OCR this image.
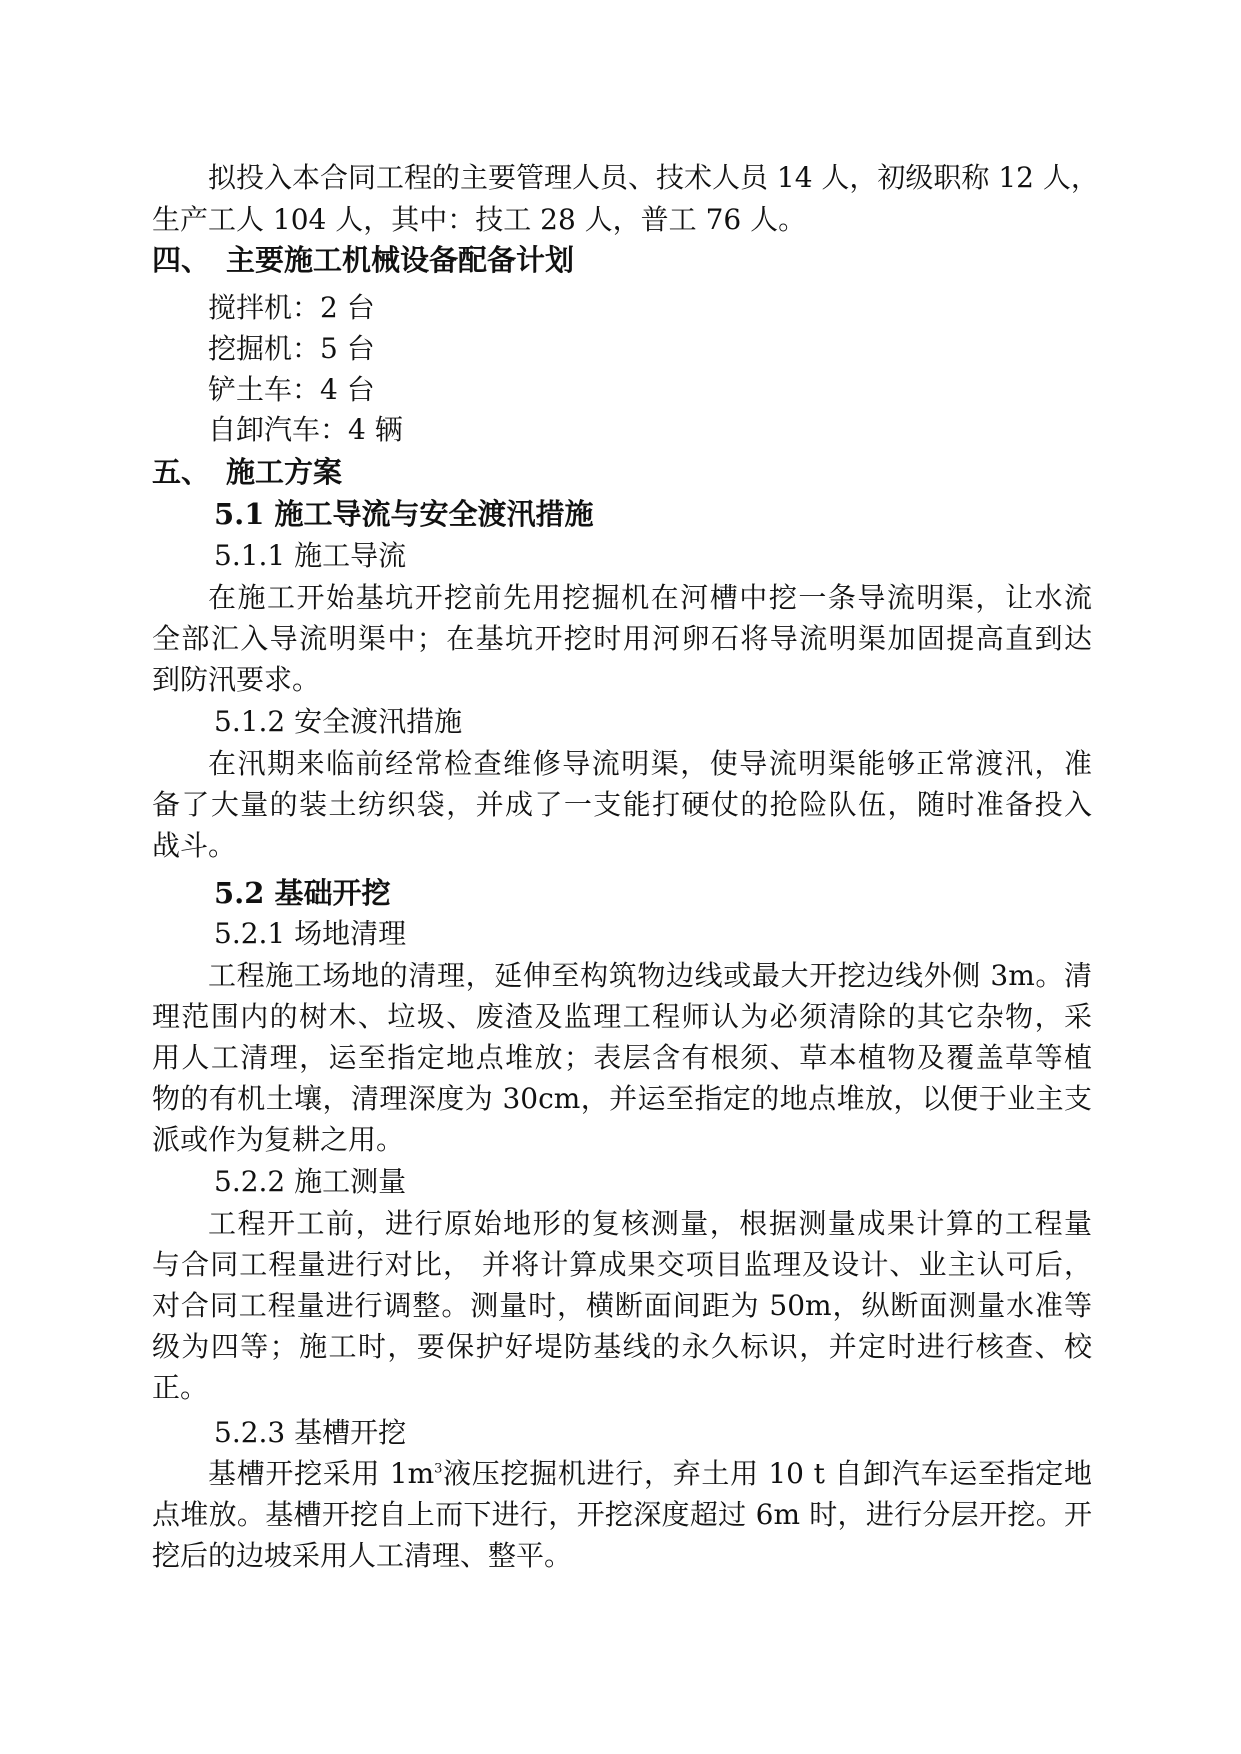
拟投入本合同工程的主要管理人员、技术人员 14 人，初级职称 12 人，
生产工人 104 人，其中：技工 28 人，普工 76 人。
四、 主要施工机械设备配备计划
搅拌机：2 台
挖掘机：5 台
铲土车：4 台
自卸汽车：4 辆
五、 施工方案
5.1 施工导流与安全渡汛措施
5.1.1 施工导流
在施工开始基坑开挖前先用挖掘机在河槽中挖一条导流明渠，让水流
全部汇入导流明渠中；在基坑开挖时用河卵石将导流明渠加固提高直到达
到防汛要求。
5.1.2 安全渡汛措施
在汛期来临前经常检查维修导流明渠，使导流明渠能够正常渡汛，准
备了大量的装土纺织袋，并成了一支能打硬仗的抢险队伍，随时准备投入
战斗。
5.2 基础开挖
5.2.1 场地清理
工程施工场地的清理，延伸至构筑物边线或最大开挖边线外侧 3m。清
理范围内的树木、垃圾、废渣及监理工程师认为必须清除的其它杂物，采
用人工清理，运至指定地点堆放；表层含有根须、草本植物及覆盖草等植
物的有机土壤，清理深度为 30cm，并运至指定的地点堆放，以便于业主支
派或作为复耕之用。
5.2.2 施工测量
工程开工前，进行原始地形的复核测量，根据测量成果计算的工程量
与合同工程量进行对比， 并将计算成果交项目监理及设计、业主认可后，
对合同工程量进行调整。测量时，横断面间距为 50m，纵断面测量水准等
级为四等；施工时，要保护好堤防基线的永久标识，并定时进行核查、校
正。
5.2.3 基槽开挖
基槽开挖采用 $1m^3$液压挖掘机进行，弃土用 10 t 自卸汽车运至指定地
点堆放。基槽开挖自上而下进行，开挖深度超过 6m 时，进行分层开挖。开
挖后的边坡采用人工清理、整平。
